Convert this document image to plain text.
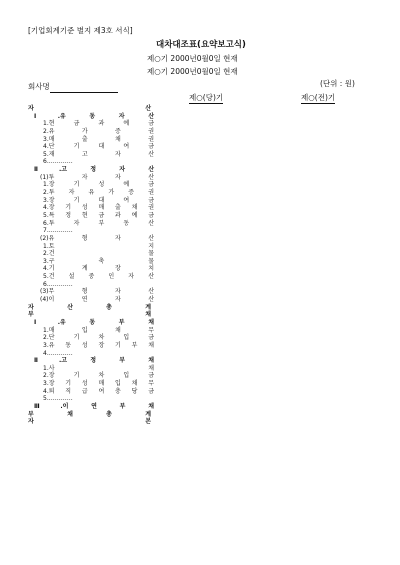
[기업회계기준 별지 제3호 서식]
대차대조표(요약보고식)
제○기 2000년0월0일 현재
제○기 2000년0월0일 현재
회사명	(단위 : 원)
제○(당)기	제○(전)기
자 산
Ⅰ.유 동 자 산
1.현 금 과 예 금
2.유 가 증 권
3.매 출 채 권
4.단 기 대 여 금
5.재 고 자 산
6.…………
Ⅱ.고 정 자 산
(1)투 자 자 산
1.장 기 성 예 금
2.투 자 유 가 증 권
3.장 기 대 여 금
4.장 기 성 매 출 채 권
5.특 정 현 금 과 예 금
6.투 자 부 동 산
7.…………
(2)유 형 자 산
1.토 지
2.건 물
3.구 축 물
4.기 계 장 치
5.건 설 중 인 자 산
6.…………
(3)무 형 자 산
(4)이 연 자 산
자 산 총 계
부 채
Ⅰ.유 동 부 채
1.매 입 채 무
2.단 기 차 입 금
3.유 동 성 장 기 부 채
4.…………
Ⅱ.고 정 부 채
1.사 채
2.장 기 차 입 금
3.장 기 성 매 입 채 무
4.퇴 직 급 여 충 당 금
5.…………
Ⅲ.이 연 부 채
부 채 총 계
자 본
